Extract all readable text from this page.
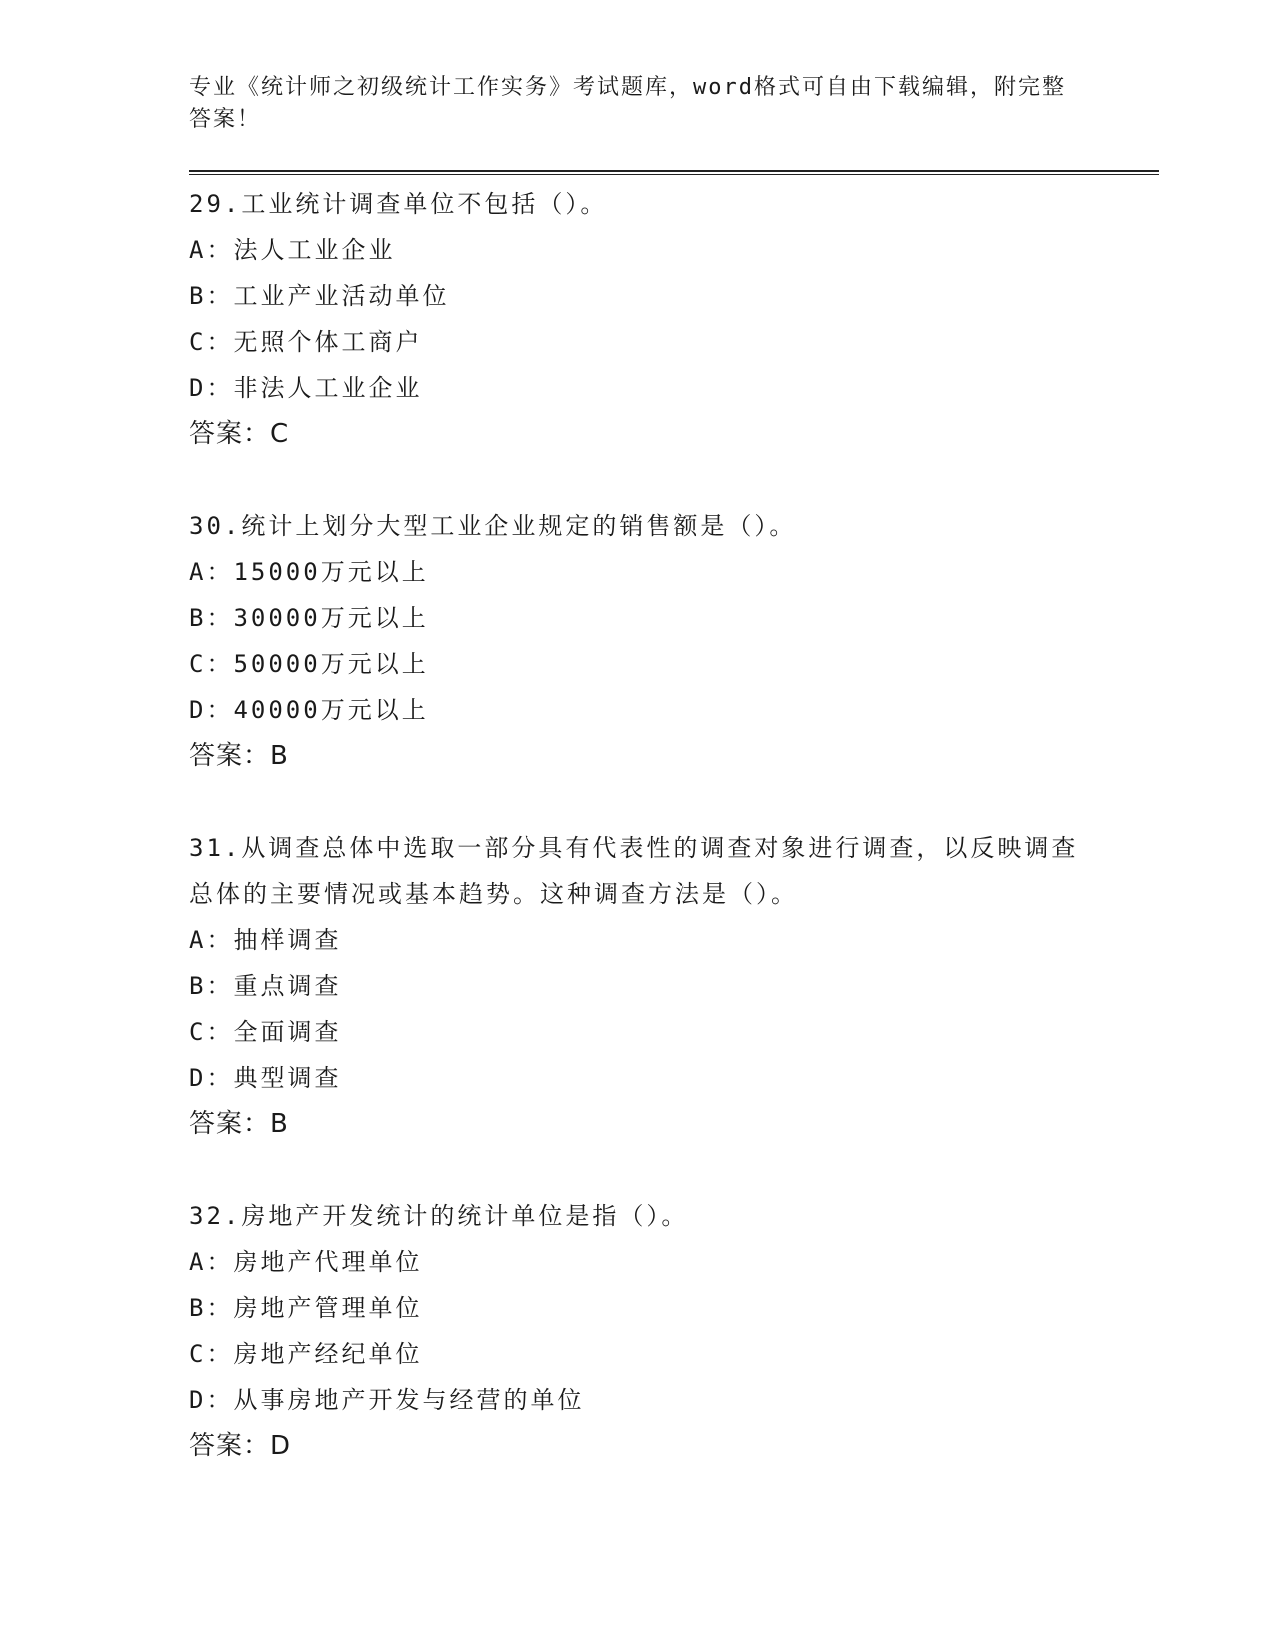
专业《统计师之初级统计工作实务》考试题库，word格式可自由下载编辑，附完整答案！

29.工业统计调查单位不包括（）。

A：法人工业企业

B：工业产业活动单位

C：无照个体工商户

D：非法人工业企业

答案：C

30.统计上划分大型工业企业规定的销售额是（）。

A：15000万元以上

B：30000万元以上

C：50000万元以上

D：40000万元以上

答案：B

31.从调查总体中选取一部分具有代表性的调查对象进行调查，以反映调查总体的主要情况或基本趋势。这种调查方法是（）。

A：抽样调查

B：重点调查

C：全面调查

D：典型调查

答案：B

32.房地产开发统计的统计单位是指（）。

A：房地产代理单位

B：房地产管理单位

C：房地产经纪单位

D：从事房地产开发与经营的单位

答案：D
